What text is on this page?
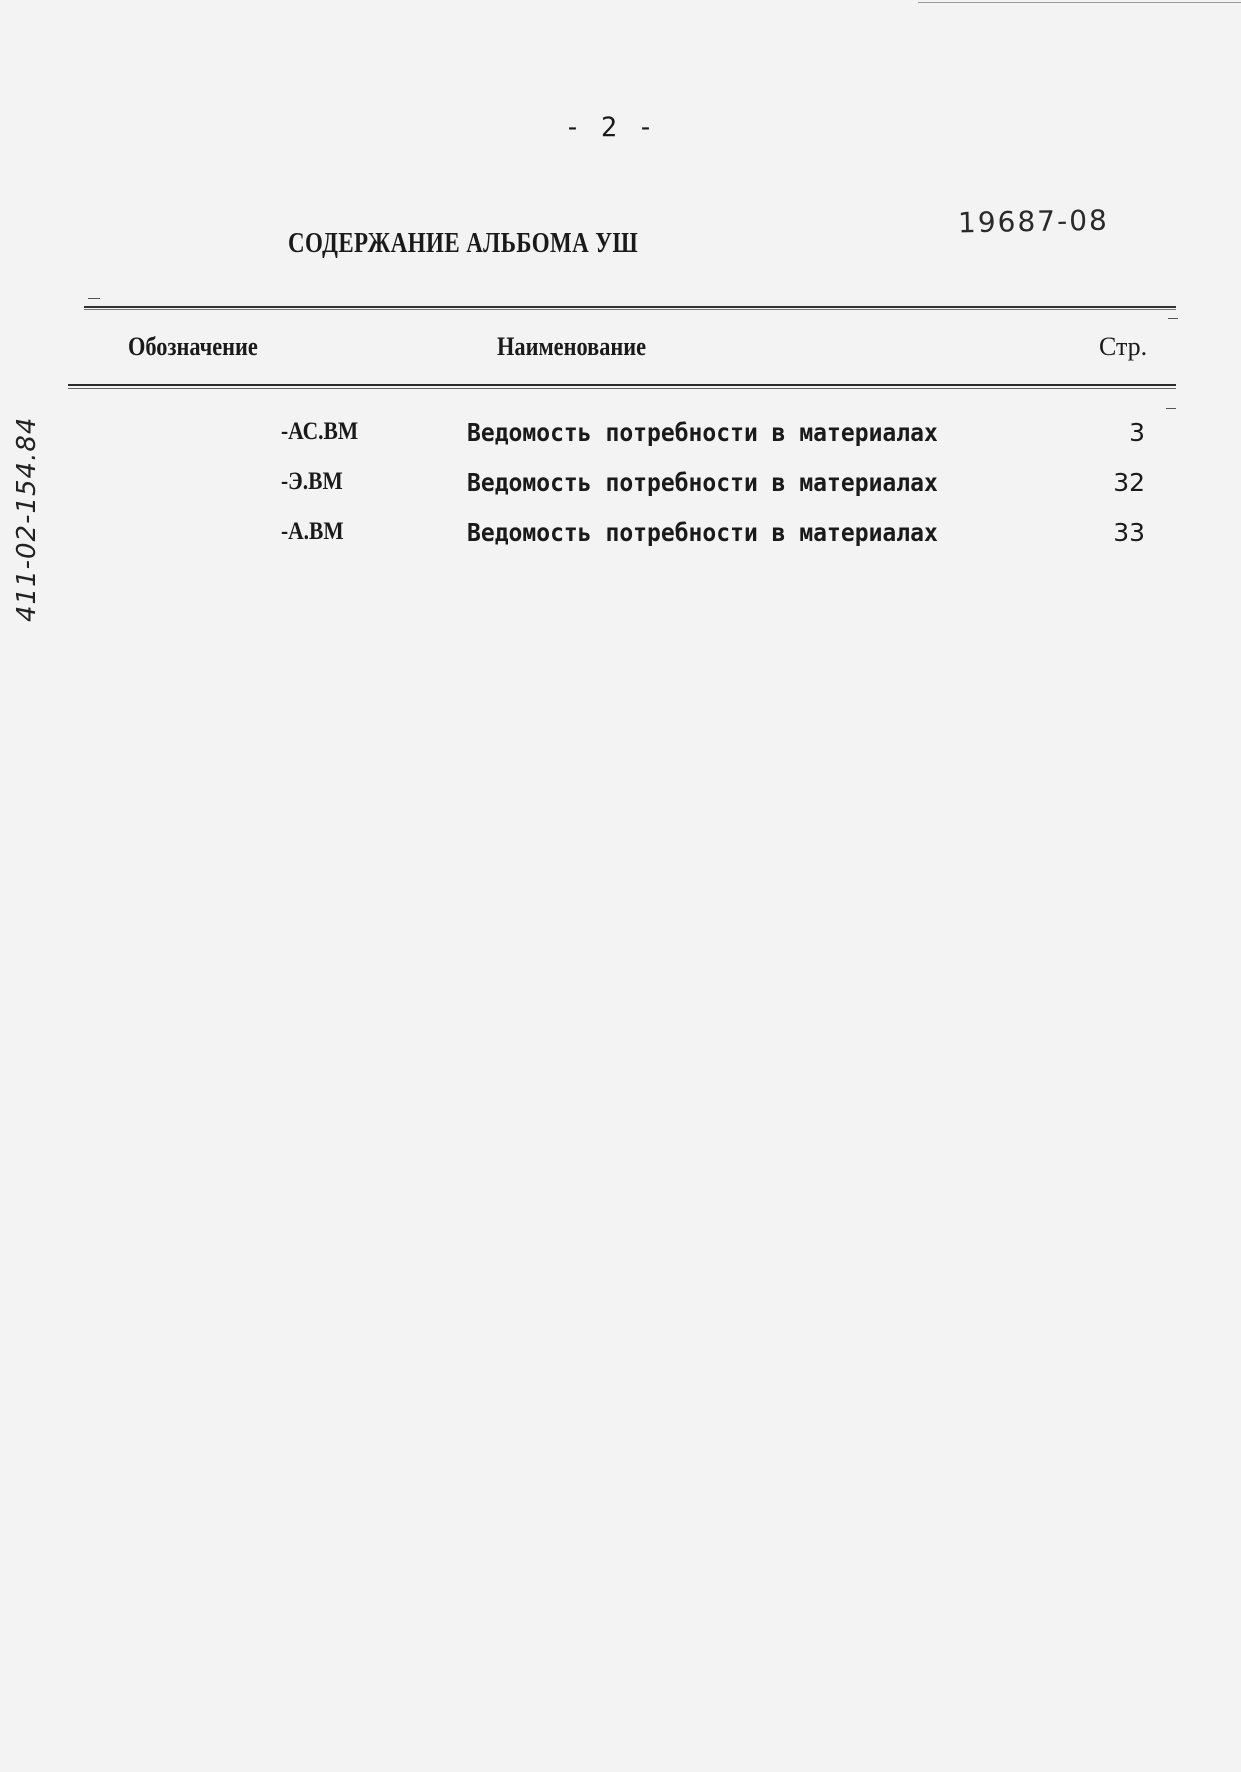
- 2 -
19687-08
СОДЕРЖАНИЕ АЛЬБОМА УШ
411-02-154.84
Обозначение	Наименование	Стр.
-АС.ВМ	Ведомость потребности в материалах	3
-Э.ВМ	Ведомость потребности в материалах	32
-А.ВМ	Ведомость потребности в материалах	33
